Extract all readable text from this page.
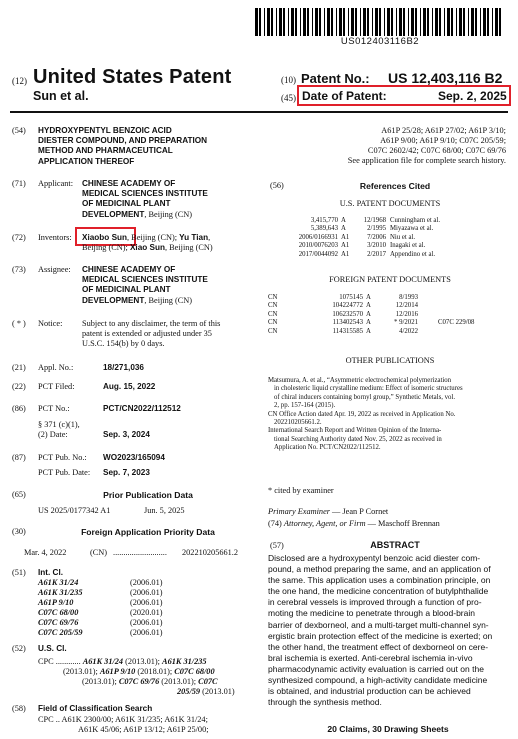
US012403116B2
(12) United States Patent
Sun et al.
(10) Patent No.: US 12,403,116 B2
(45) Date of Patent:	Sep. 2, 2025
(54) HYDROXYPENTYL BENZOIC ACID
DIESTER COMPOUND, AND PREPARATION
METHOD AND PHARMACEUTICAL
APPLICATION THEREOF
(71) Applicant: CHINESE ACADEMY OF
MEDICAL SCIENCES INSTITUTE
OF MEDICINAL PLANT
DEVELOPMENT, Beijing (CN)
(72) Inventors: Xiaobo Sun, Beijing (CN); Yu Tian,
Beijing (CN); Xiao Sun, Beijing (CN)
(73) Assignee: CHINESE ACADEMY OF
MEDICAL SCIENCES INSTITUTE
OF MEDICINAL PLANT
DEVELOPMENT, Beijing (CN)
( * ) Notice: Subject to any disclaimer, the term of this
patent is extended or adjusted under 35
U.S.C. 154(b) by 0 days.
(21) Appl. No.:	18/271,036
(22) PCT Filed:	Aug. 15, 2022
(86) PCT No.:	PCT/CN2022/112512
§ 371 (c)(1),
(2) Date:	Sep. 3, 2024
(87) PCT Pub. No.: WO2023/165094
PCT Pub. Date: Sep. 7, 2023
(65)	Prior Publication Data
US 2025/0177342 A1	Jun. 5, 2025
(30)	Foreign Application Priority Data
Mar. 4, 2022	(CN) .......................... 202210205661.2
(51) Int. Cl.
A61K 31/24	(2006.01)
A61K 31/235	(2006.01)
A61P 9/10	(2006.01)
C07C 68/00	(2020.01)
C07C 69/76	(2006.01)
C07C 205/59	(2006.01)
(52) U.S. Cl.
CPC ............ A61K 31/24 (2013.01); A61K 31/235
(2013.01); A61P 9/10 (2018.01); C07C 68/00
(2013.01); C07C 69/76 (2013.01); C07C
205/59 (2013.01)
(58) Field of Classification Search
CPC .. A61K 2300/00; A61K 31/235; A61K 31/24;
A61K 45/06; A61P 13/12; A61P 25/00;
A61P 25/28; A61P 27/02; A61P 3/10;
A61P 9/00; A61P 9/10; C07C 205/59;
C07C 2602/42; C07C 68/00; C07C 69/76
See application file for complete search history.
(56)	References Cited
U.S. PATENT DOCUMENTS
3,415,770 A	12/1968 Cunningham et al.
5,389,643 A	2/1995 Miyazawa et al.
2006/0166931 A1	7/2006 Niu et al.
2010/0076203 A1	3/2010 Inagaki et al.
2017/0044092 A1	2/2017 Appendino et al.
FOREIGN PATENT DOCUMENTS
CN	1075145 A	8/1993
CN	104224772 A	12/2014
CN	106232570 A	12/2016
CN	113402543 A	* 9/2021	C07C 229/08
CN	114315585 A	4/2022
OTHER PUBLICATIONS
Matsumura, A. et al., “Asymmetric electrochemical polymerization
in cholesteric liquid crystalline medium: Effect of isomeric structures
of chiral inducers containing bornyl group,” Synthetic Metals, vol.
2, pp. 157-164 (2015).
CN Office Action dated Apr. 19, 2022 as received in Application No.
202210205661.2.
International Search Report and Written Opinion of the Interna-
tional Searching Authority dated Nov. 25, 2022 as received in
Application No. PCT/CN2022/112512.
* cited by examiner
Primary Examiner — Jean P Cornet
(74) Attorney, Agent, or Firm — Maschoff Brennan
(57)	ABSTRACT
Disclosed are a hydroxypentyl benzoic acid diester com-
pound, a method preparing the same, and an application of
the same. This application uses a combination principle, on
the one hand, the medicine concentration of butylphthalide
in cerebral vessels is improved through a function of pro-
moting the medicine to penetrate through a blood-brain
barrier of dexborneol, and a multi-target multi-channel syn-
ergistic brain protection effect of the medicine is exerted; on
the other hand, the treatment effect of dexborneol on cere-
bral ischemia is exerted. Anti-cerebral ischemia in-vivo
pharmacodynamic activity evaluation is carried out on the
synthesized compound, a high-activity candidate medicine
is obtained, and industrial production can be achieved
through the synthesis method.
20 Claims, 30 Drawing Sheets
